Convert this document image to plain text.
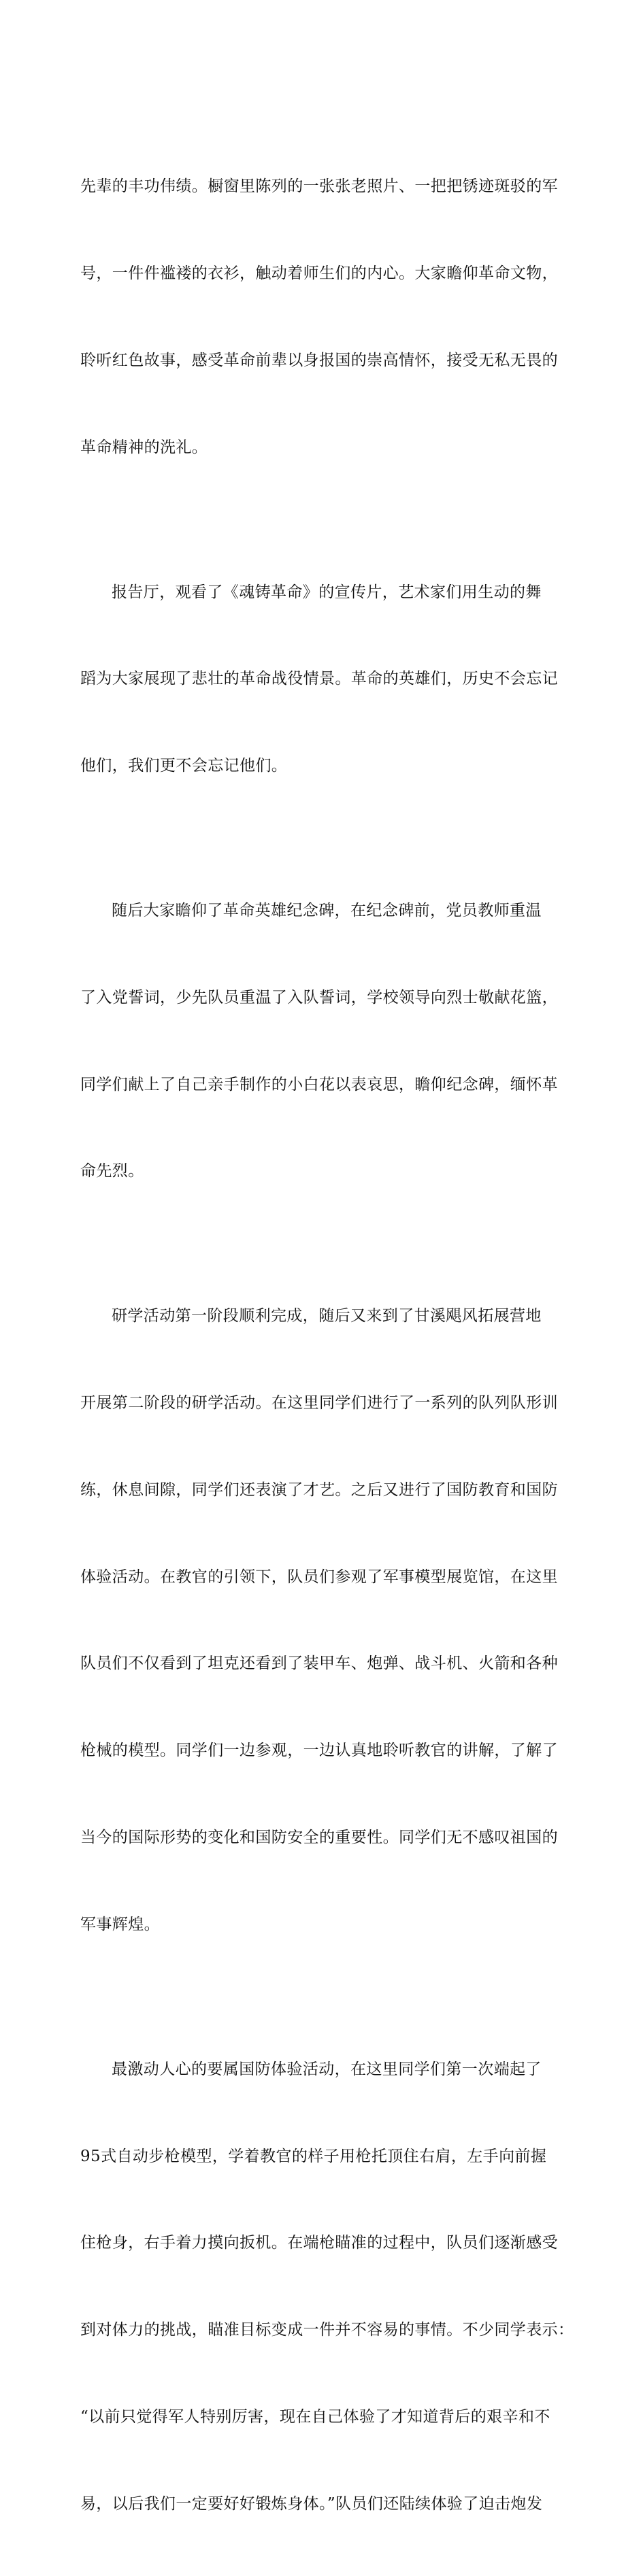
先辈的丰功伟绩。橱窗里陈列的一张张老照片、一把把锈迹斑驳的军

号，一件件褴褛的衣衫，触动着师生们的内心。大家瞻仰革命文物，

聆听红色故事，感受革命前辈以身报国的崇高情怀，接受无私无畏的

革命精神的洗礼。

报告厅，观看了《魂铸革命》的宣传片，艺术家们用生动的舞

蹈为大家展现了悲壮的革命战役情景。革命的英雄们，历史不会忘记

他们，我们更不会忘记他们。

随后大家瞻仰了革命英雄纪念碑，在纪念碑前，党员教师重温

了入党誓词，少先队员重温了入队誓词，学校领导向烈士敬献花篮，

同学们献上了自己亲手制作的小白花以表哀思，瞻仰纪念碑，缅怀革

命先烈。

研学活动第一阶段顺利完成，随后又来到了甘溪飓风拓展营地

开展第二阶段的研学活动。在这里同学们进行了一系列的队列队形训

练，休息间隙，同学们还表演了才艺。之后又进行了国防教育和国防

体验活动。在教官的引领下，队员们参观了军事模型展览馆，在这里

队员们不仅看到了坦克还看到了装甲车、炮弹、战斗机、火箭和各种

枪械的模型。同学们一边参观，一边认真地聆听教官的讲解，了解了

当今的国际形势的变化和国防安全的重要性。同学们无不感叹祖国的

军事辉煌。

最激动人心的要属国防体验活动，在这里同学们第一次端起了

95式自动步枪模型，学着教官的样子用枪托顶住右肩，左手向前握

住枪身，右手着力摸向扳机。在端枪瞄准的过程中，队员们逐渐感受

到对体力的挑战，瞄准目标变成一件并不容易的事情。不少同学表示：

“以前只觉得军人特别厉害，现在自己体验了才知道背后的艰辛和不

易，以后我们一定要好好锻炼身体。”队员们还陆续体验了迫击炮发
